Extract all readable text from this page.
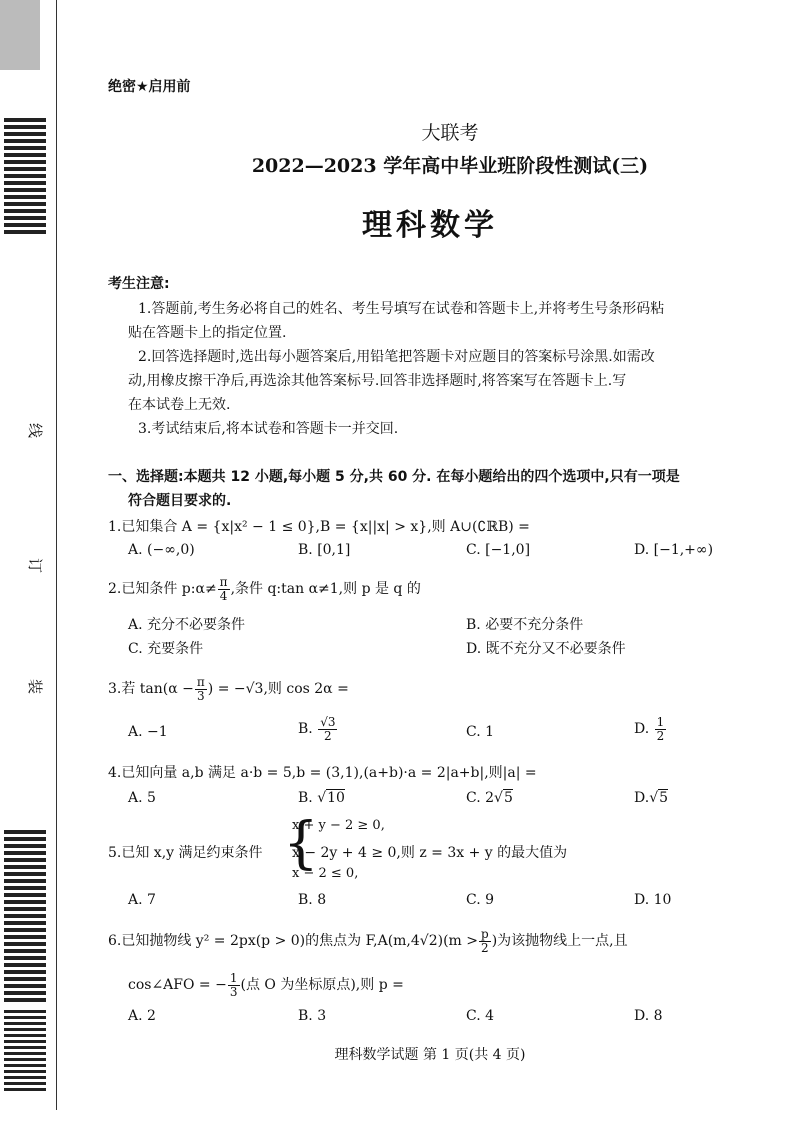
线
订
装
绝密★启用前
大联考
2022—2023 学年高中毕业班阶段性测试(三)
理科数学
考生注意:
1.答题前,考生务必将自己的姓名、考生号填写在试卷和答题卡上,并将考生号条形码粘
贴在答题卡上的指定位置.
2.回答选择题时,选出每小题答案后,用铅笔把答题卡对应题目的答案标号涂黑.如需改
动,用橡皮擦干净后,再选涂其他答案标号.回答非选择题时,将答案写在答题卡上.写
在本试卷上无效.
3.考试结束后,将本试卷和答题卡一并交回.
一、选择题:本题共 12 小题,每小题 5 分,共 60 分. 在每小题给出的四个选项中,只有一项是
符合题目要求的.
1.已知集合 A = {x|x² − 1 ≤ 0},B = {x||x| > x},则 A∪(∁ℝB) =
A. (−∞,0)	B. [0,1]	C. [−1,0]	D. [−1,+∞)
2.已知条件 p:α≠ $\frac{\pi}{4}$ ,条件 q:tan α≠1,则 p 是 q 的
A. 充分不必要条件	B. 必要不充分条件
C. 充要条件	D. 既不充分又不必要条件
3.若 $\tan(\alpha - \frac{\pi}{3}$ ) = −√3,则 cos 2α =
A. −1	B. $\frac{√3}{2}$	C. 1	D. $\frac{1}{2}$
4.已知向量 a,b 满足 a·b = 5,b = (3,1),(a+b)·a = 2|a+b|,则|a| =
A. 5	B. √10	C. 2√5	D.√5
5.已知 x,y 满足约束条件 {
x + y − 2 ≥ 0,
x − 2y + 4 ≥ 0,则 z = 3x + y 的最大值为
x − 2 ≤ 0,
A. 7	B. 8	C. 9	D. 10
6.已知抛物线 y² = 2px(p > 0)的焦点为 $F,A(m,4√2)(m > \frac{p}{2}$ )为该抛物线上一点,且
cos∠AFO = − $\frac{1}{3}$ (点 O 为坐标原点),则 p =
A. 2	B. 3	C. 4	D. 8
理科数学试题 第 1 页(共 4 页)
